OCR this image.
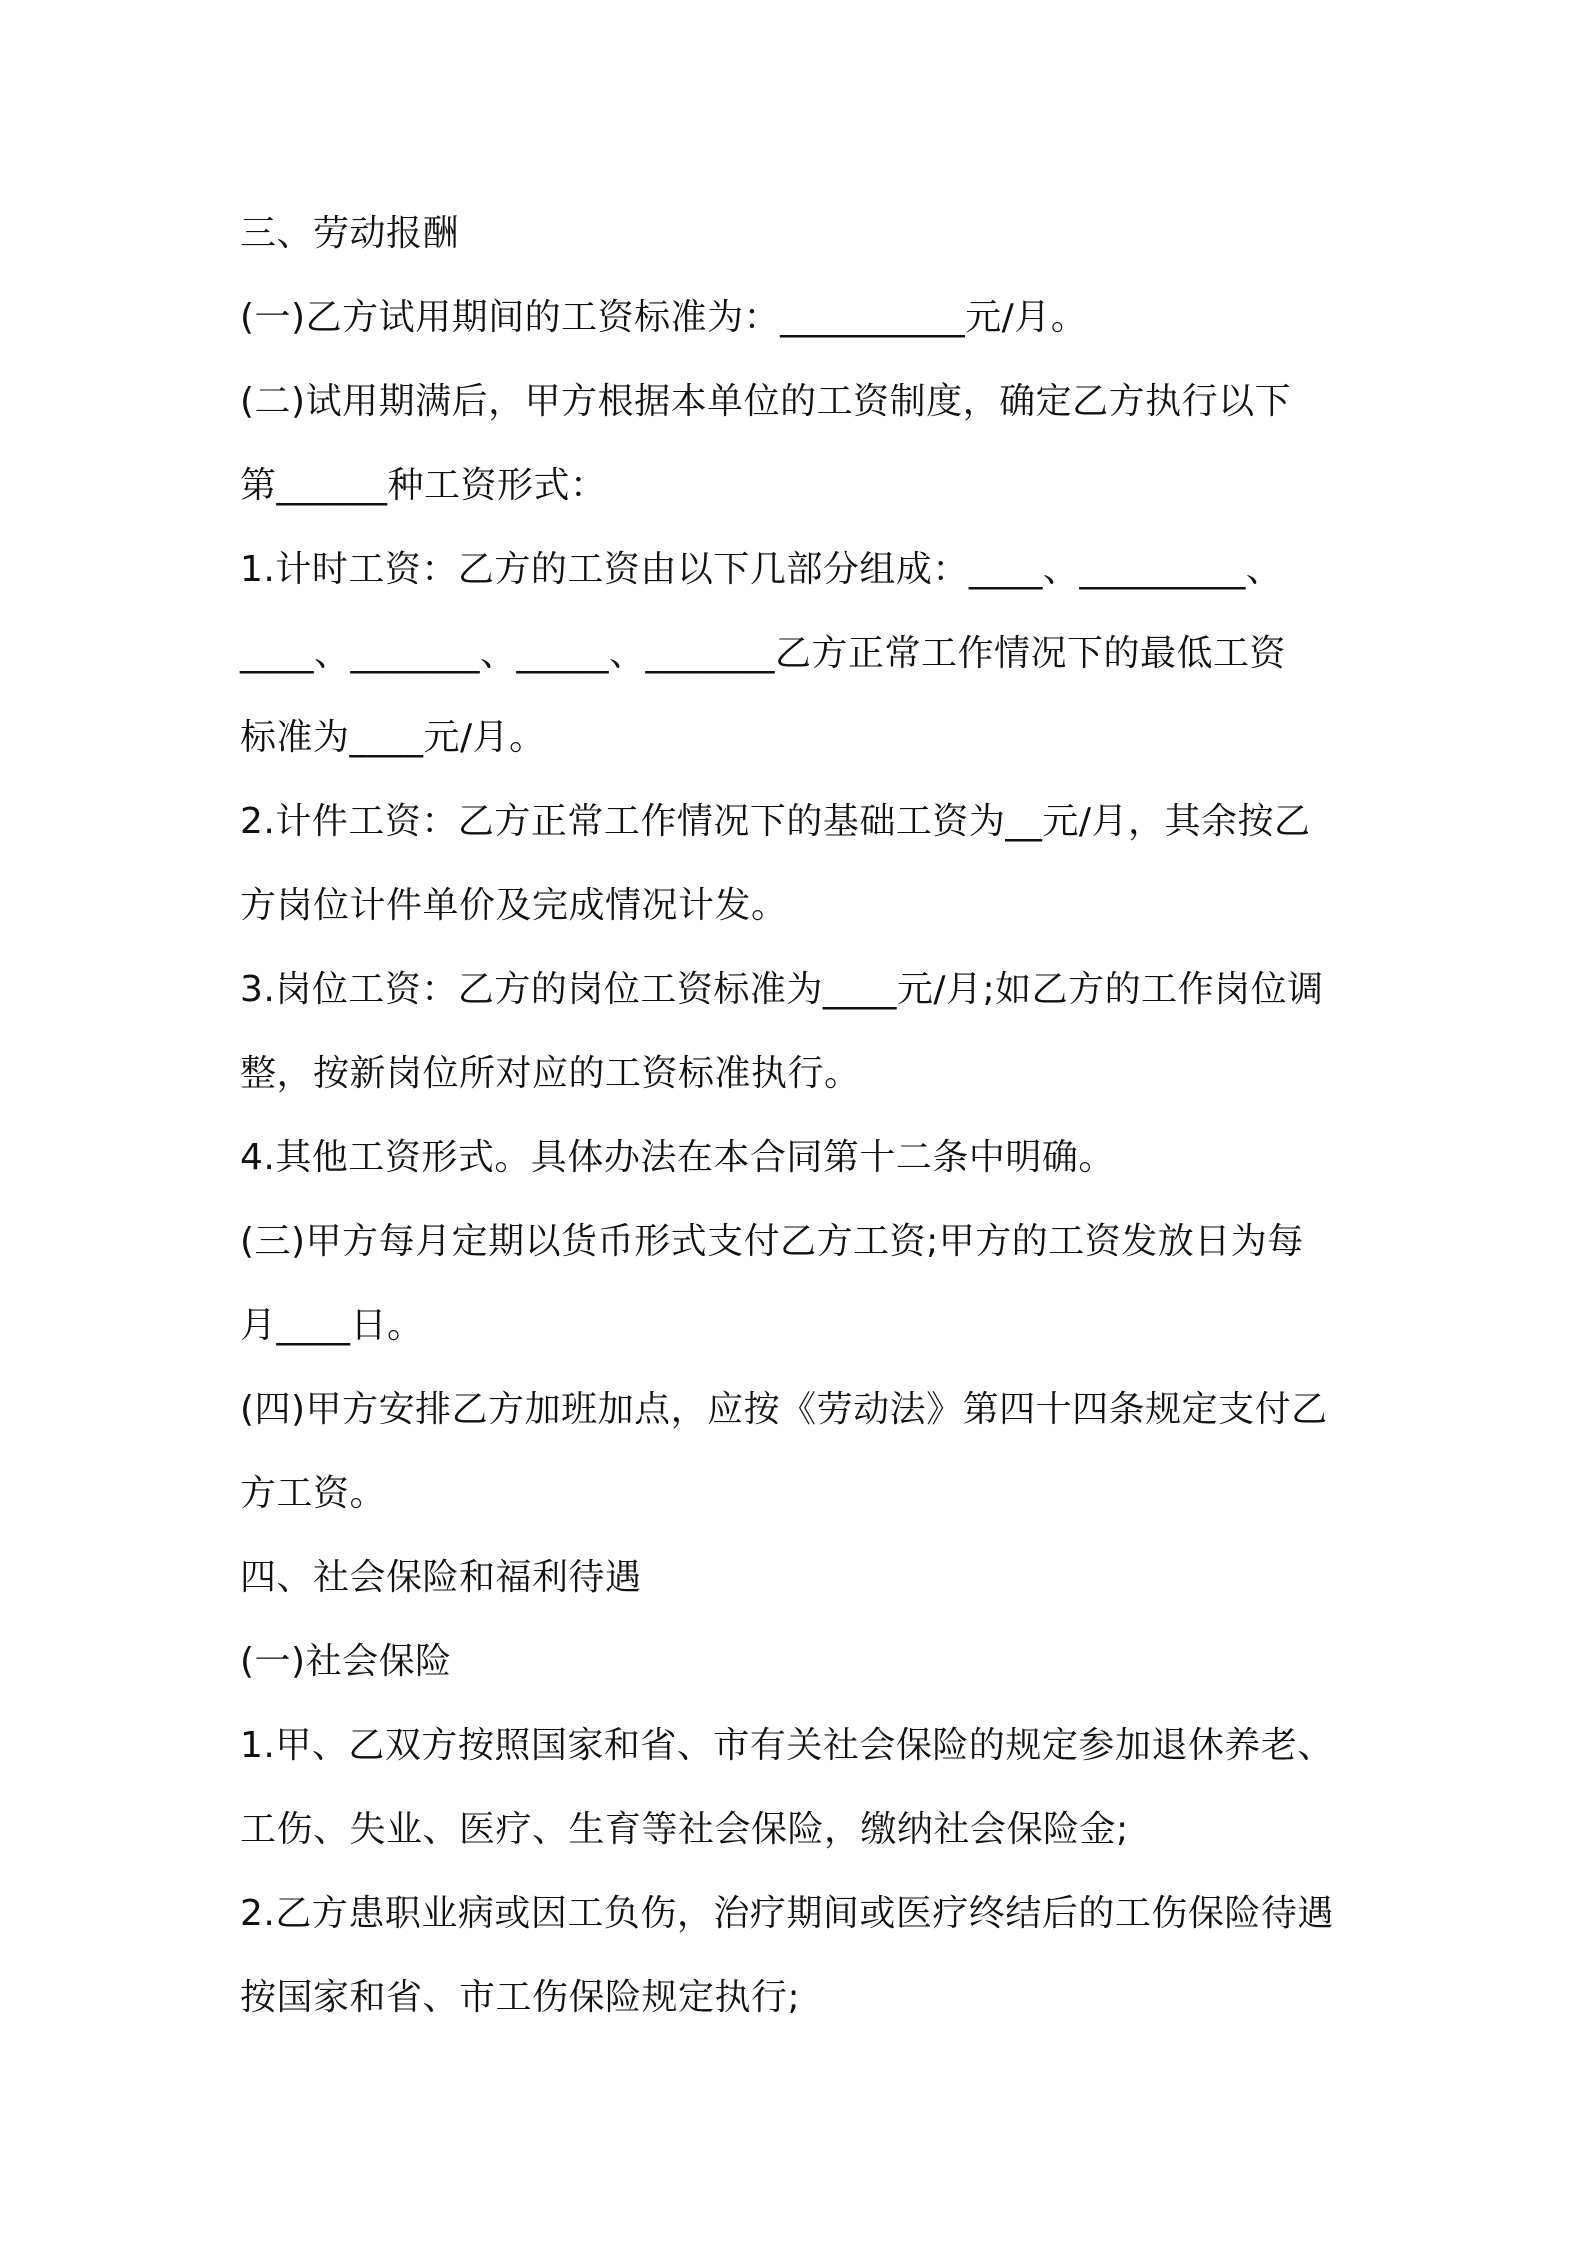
三、劳动报酬
(一)乙方试用期间的工资标准为：__________元/月。
(二)试用期满后，甲方根据本单位的工资制度，确定乙方执行以下
第______种工资形式：
1.计时工资：乙方的工资由以下几部分组成：____、_________、
____、_______、_____、_______乙方正常工作情况下的最低工资
标准为____元/月。
2.计件工资：乙方正常工作情况下的基础工资为__元/月，其余按乙
方岗位计件单价及完成情况计发。
3.岗位工资：乙方的岗位工资标准为____元/月;如乙方的工作岗位调
整，按新岗位所对应的工资标准执行。
4.其他工资形式。具体办法在本合同第十二条中明确。
(三)甲方每月定期以货币形式支付乙方工资;甲方的工资发放日为每
月____日。
(四)甲方安排乙方加班加点，应按《劳动法》第四十四条规定支付乙
方工资。
四、社会保险和福利待遇
(一)社会保险
1.甲、乙双方按照国家和省、市有关社会保险的规定参加退休养老、
工伤、失业、医疗、生育等社会保险，缴纳社会保险金;
2.乙方患职业病或因工负伤，治疗期间或医疗终结后的工伤保险待遇
按国家和省、市工伤保险规定执行;
